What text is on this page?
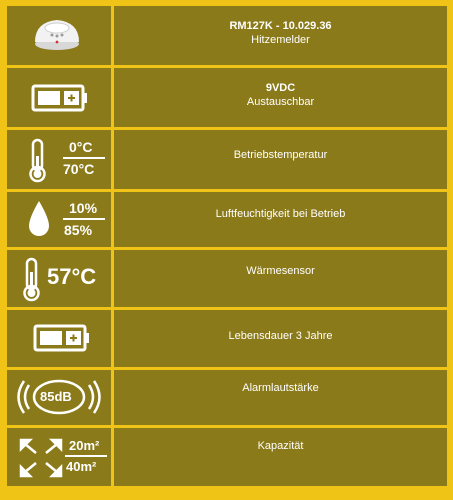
RM127K - 10.029.36
Hitzemelder
9VDC
Austauschbar
0°C
70°C
Betriebstemperatur
10%
85%
Luftfeuchtigkeit bei Betrieb
57°C	Wärmesensor
Lebensdauer 3 Jahre
85dB
Alarmlautstärke
20m²
40m²
Kapazität
